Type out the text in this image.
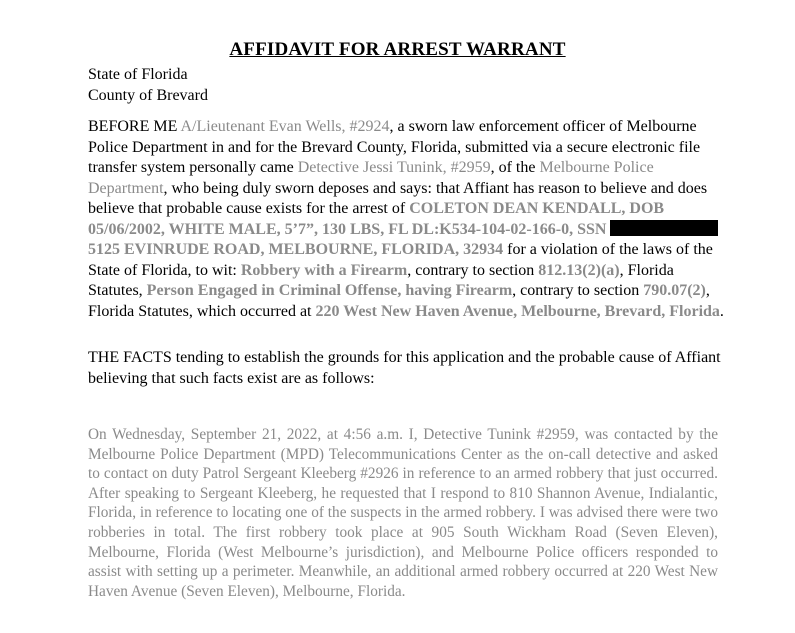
AFFIDAVIT FOR ARREST WARRANT
State of Florida
County of Brevard
BEFORE ME A/Lieutenant Evan Wells, #2924, a sworn law enforcement officer of Melbourne Police Department in and for the Brevard County, Florida, submitted via a secure electronic file transfer system personally came Detective Jessi Tunink, #2959, of the Melbourne Police Department, who being duly sworn deposes and says: that Affiant has reason to believe and does believe that probable cause exists for the arrest of COLETON DEAN KENDALL, DOB 05/06/2002, WHITE MALE, 5’7”, 130 LBS, FL DL:K534-104-02-166-0, SSN  5125 EVINRUDE ROAD, MELBOURNE, FLORIDA, 32934 for a violation of the laws of the State of Florida, to wit: Robbery with a Firearm, contrary to section 812.13(2)(a), Florida Statutes, Person Engaged in Criminal Offense, having Firearm, contrary to section 790.07(2), Florida Statutes, which occurred at 220 West New Haven Avenue, Melbourne, Brevard, Florida.
THE FACTS tending to establish the grounds for this application and the probable cause of Affiant believing that such facts exist are as follows:
On Wednesday, September 21, 2022, at 4:56 a.m. I, Detective Tunink #2959, was contacted by the Melbourne Police Department (MPD) Telecommunications Center as the on-call detective and asked to contact on duty Patrol Sergeant Kleeberg #2926 in reference to an armed robbery that just occurred. After speaking to Sergeant Kleeberg, he requested that I respond to 810 Shannon Avenue, Indialantic, Florida, in reference to locating one of the suspects in the armed robbery. I was advised there were two robberies in total. The first robbery took place at 905 South Wickham Road (Seven Eleven), Melbourne, Florida (West Melbourne’s jurisdiction), and Melbourne Police officers responded to assist with setting up a perimeter. Meanwhile, an additional armed robbery occurred at 220 West New Haven Avenue (Seven Eleven), Melbourne, Florida.
